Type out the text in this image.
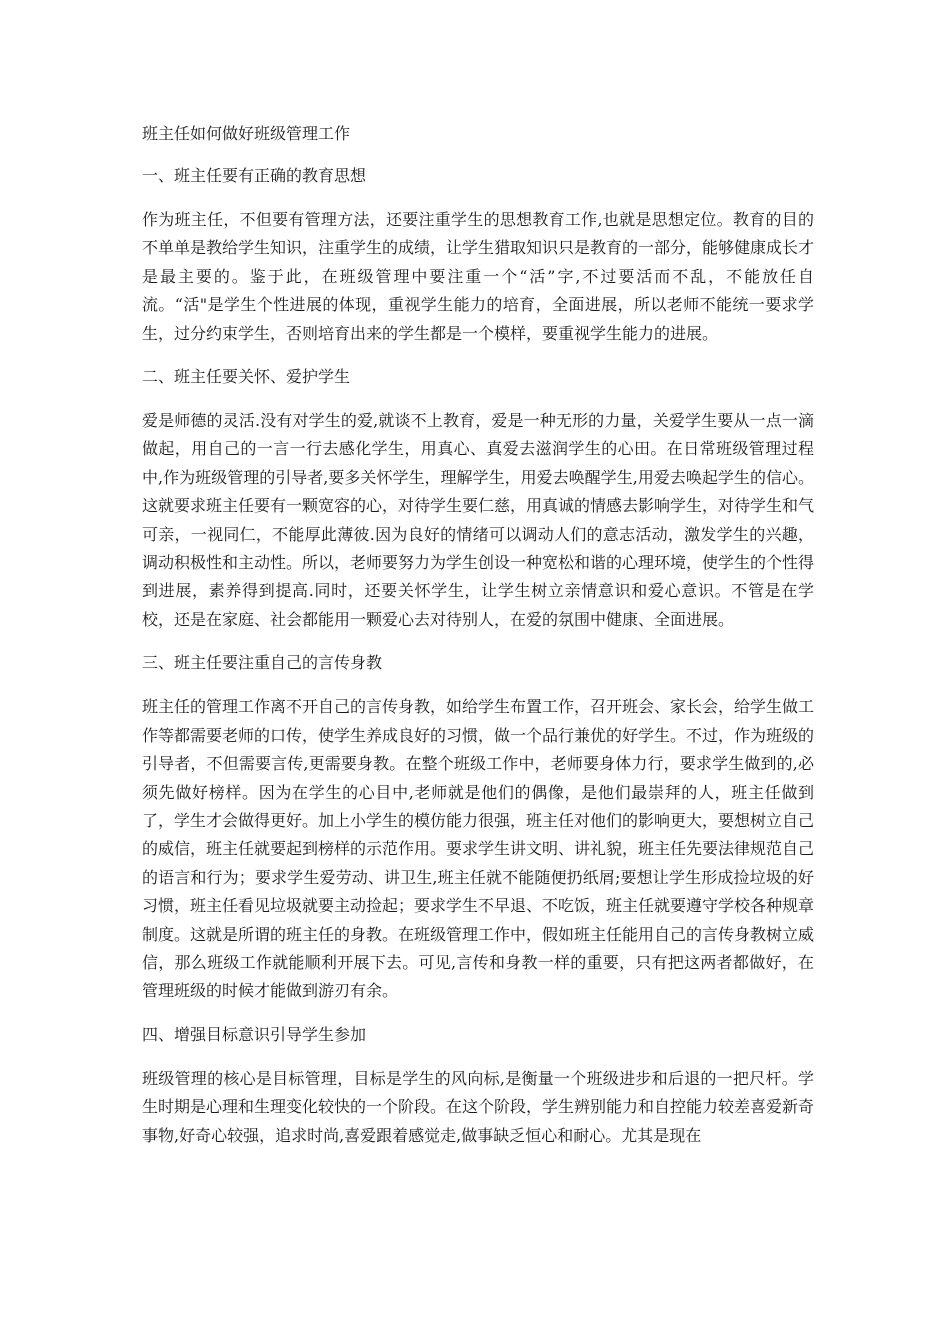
班主任如何做好班级管理工作

一、班主任要有正确的教育思想

作为班主任，不但要有管理方法，还要注重学生的思想教育工作,也就是思想定位。教育的目的不单单是教给学生知识，注重学生的成绩，让学生猎取知识只是教育的一部分，能够健康成长才是最主要的。鉴于此，在班级管理中要注重一个“活”字,不过要活而不乱，不能放任自流。“活"是学生个性进展的体现，重视学生能力的培育，全面进展，所以老师不能统一要求学生，过分约束学生，否则培育出来的学生都是一个模样，要重视学生能力的进展。

二、班主任要关怀、爱护学生

爱是师德的灵活.没有对学生的爱,就谈不上教育，爱是一种无形的力量，关爱学生要从一点一滴做起，用自己的一言一行去感化学生，用真心、真爱去滋润学生的心田。在日常班级管理过程中,作为班级管理的引导者,要多关怀学生，理解学生，用爱去唤醒学生,用爱去唤起学生的信心。这就要求班主任要有一颗宽容的心，对待学生要仁慈，用真诚的情感去影响学生，对待学生和气可亲，一视同仁，不能厚此薄彼.因为良好的情绪可以调动人们的意志活动，激发学生的兴趣，调动积极性和主动性。所以，老师要努力为学生创设一种宽松和谐的心理环境，使学生的个性得到进展，素养得到提高.同时，还要关怀学生，让学生树立亲情意识和爱心意识。不管是在学校，还是在家庭、社会都能用一颗爱心去对待别人，在爱的氛围中健康、全面进展。

三、班主任要注重自己的言传身教

班主任的管理工作离不开自己的言传身教，如给学生布置工作，召开班会、家长会，给学生做工作等都需要老师的口传，使学生养成良好的习惯，做一个品行兼优的好学生。不过，作为班级的引导者，不但需要言传,更需要身教。在整个班级工作中，老师要身体力行，要求学生做到的,必须先做好榜样。因为在学生的心目中,老师就是他们的偶像，是他们最崇拜的人，班主任做到了，学生才会做得更好。加上小学生的模仿能力很强，班主任对他们的影响更大，要想树立自己的威信，班主任就要起到榜样的示范作用。要求学生讲文明、讲礼貌，班主任先要法律规范自己的语言和行为；要求学生爱劳动、讲卫生,班主任就不能随便扔纸屑;要想让学生形成捡垃圾的好习惯，班主任看见垃圾就要主动捡起；要求学生不早退、不吃饭，班主任就要遵守学校各种规章制度。这就是所谓的班主任的身教。在班级管理工作中，假如班主任能用自己的言传身教树立威信，那么班级工作就能顺利开展下去。可见,言传和身教一样的重要，只有把这两者都做好，在管理班级的时候才能做到游刃有余。

四、增强目标意识引导学生参加

班级管理的核心是目标管理，目标是学生的风向标,是衡量一个班级进步和后退的一把尺杆。学生时期是心理和生理变化较快的一个阶段。在这个阶段，学生辨别能力和自控能力较差喜爱新奇事物,好奇心较强，追求时尚,喜爱跟着感觉走,做事缺乏恒心和耐心。尤其是现在
